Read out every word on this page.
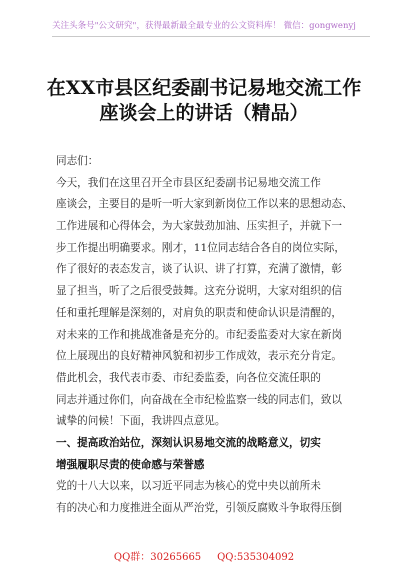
关注头条号"公文研究"，获得最新最全最专业的公文资料库！ 微信：gongwenyj
在XX市县区纪委副书记易地交流工作
座谈会上的讲话（精品）
同志们：
今天，我们在这里召开全市县区纪委副书记易地交流工作
座谈会，主要目的是听一听大家到新岗位工作以来的思想动态、
工作进展和心得体会，为大家鼓劲加油、压实担子，并就下一
步工作提出明确要求。刚才，11位同志结合各自的岗位实际，
作了很好的表态发言，谈了认识、讲了打算，充满了激情，彰
显了担当，听了之后很受鼓舞。这充分说明，大家对组织的信
任和重托理解是深刻的，对肩负的职责和使命认识是清醒的，
对未来的工作和挑战准备是充分的。市纪委监委对大家在新岗
位上展现出的良好精神风貌和初步工作成效，表示充分肯定。
借此机会，我代表市委、市纪委监委，向各位交流任职的
同志并通过你们，向奋战在全市纪检监察一线的同志们，致以
诚挚的问候！下面，我讲四点意见。
一、提高政治站位，深刻认识易地交流的战略意义，切实
增强履职尽责的使命感与荣誉感
党的十八大以来，以习近平同志为核心的党中央以前所未
有的决心和力度推进全面从严治党，引领反腐败斗争取得压倒
QQ群：30265665 QQ:535304092
